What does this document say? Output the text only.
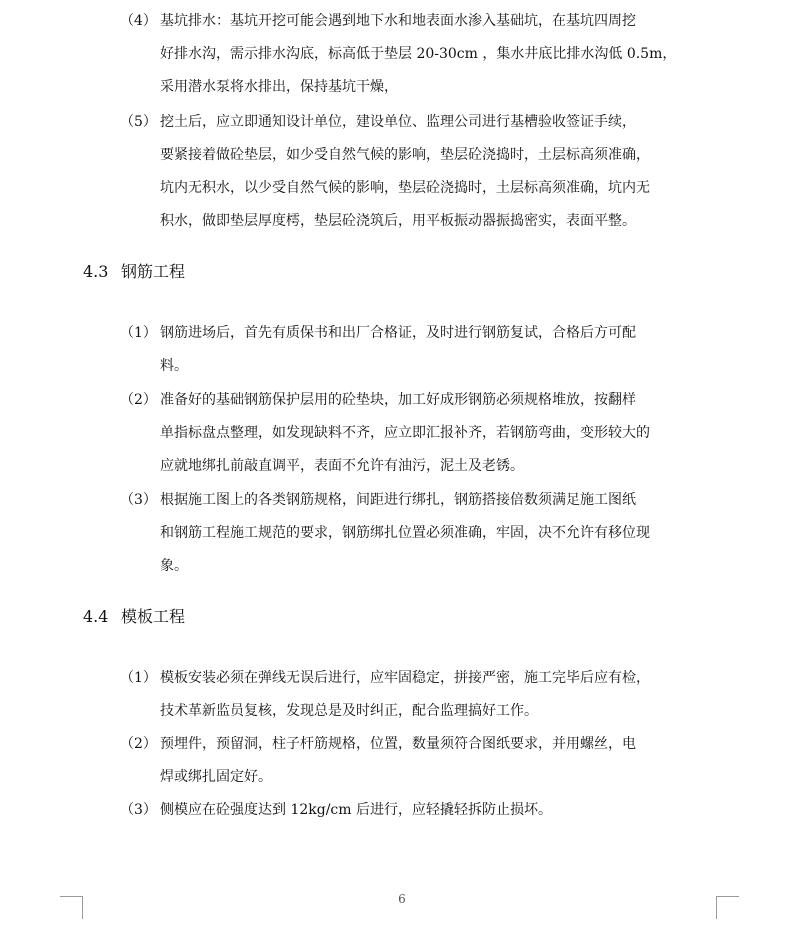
（4） 基坑排水：基坑开挖可能会遇到地下水和地表面水渗入基础坑，在基坑四周挖
好排水沟，需示排水沟底，标高低于垫层 20-30cm ，集水井底比排水沟低 0.5m，
采用潜水泵将水排出，保持基坑干燥，
（5） 挖土后，应立即通知设计单位，建设单位、监理公司进行基槽验收签证手续，
要紧接着做砼垫层，如少受自然气候的影响，垫层砼浇捣时，土层标高须准确，
坑内无积水，以少受自然气候的影响，垫层砼浇捣时，土层标高须准确，坑内无
积水，做即垫层厚度樗，垫层砼浇筑后，用平板振动器振捣密实，表面平整。
4.3 钢筋工程
（1） 钢筋进场后，首先有质保书和出厂合格证，及时进行钢筋复试，合格后方可配
料。
（2） 准备好的基础钢筋保护层用的砼垫块，加工好成形钢筋必须规格堆放，按翻样
单指标盘点整理，如发现缺料不齐，应立即汇报补齐，若钢筋弯曲，变形较大的
应就地绑扎前敲直调平，表面不允许有油污，泥土及老锈。
（3） 根据施工图上的各类钢筋规格，间距进行绑扎，钢筋搭接倍数须满足施工图纸
和钢筋工程施工规范的要求，钢筋绑扎位置必须准确，牢固，决不允许有移位现
象。
4.4 模板工程
（1） 模板安装必须在弹线无误后进行，应牢固稳定，拼接严密，施工完毕后应有检，
技术革新监员复核，发现总是及时纠正，配合监理搞好工作。
（2） 预埋件，预留洞，柱子杆筋规格，位置，数量须符合图纸要求，并用螺丝，电
焊或绑扎固定好。
（3） 侧模应在砼强度达到 12kg/cm 后进行，应轻撬轻拆防止损坏。
6
